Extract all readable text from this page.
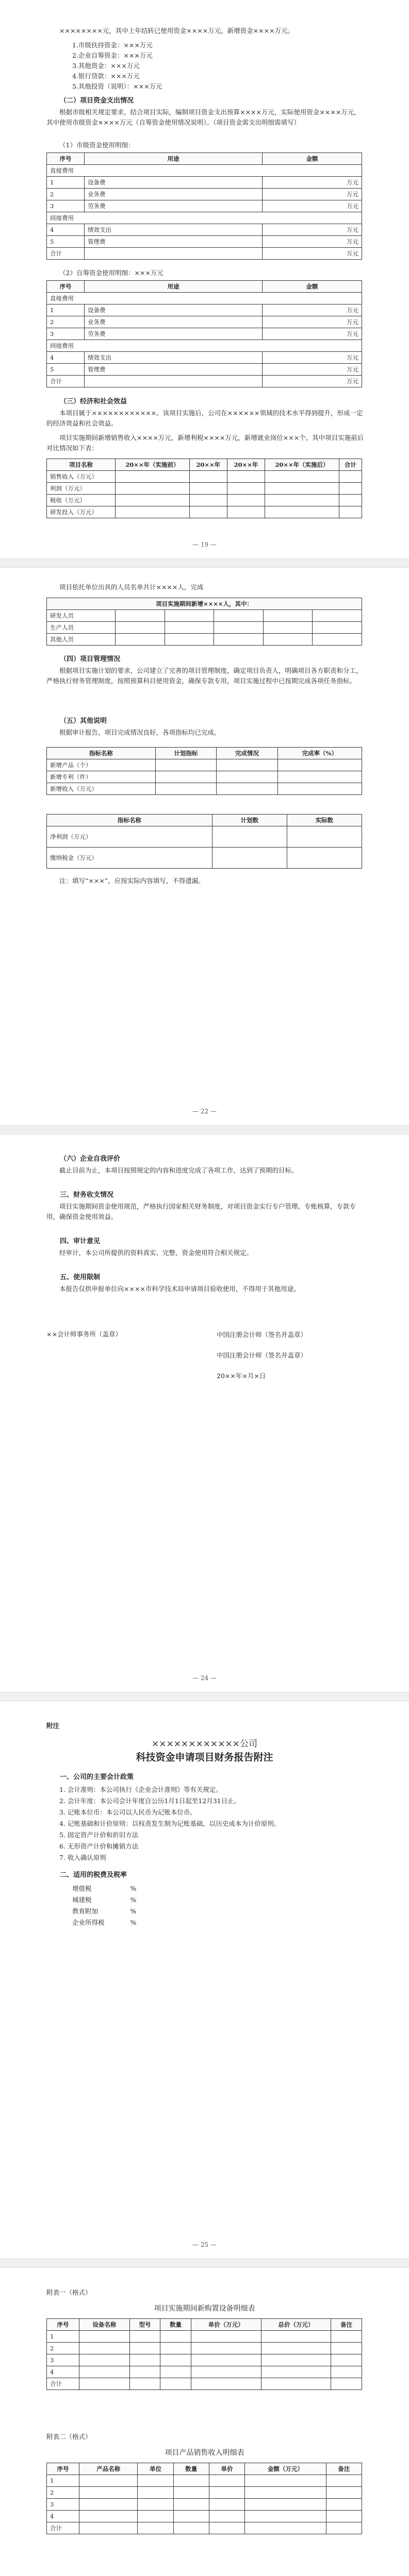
××××××××元，其中上年结转已使用资金××××万元，新增资金××××万元。
1.市级扶持资金：×××万元
2.企业自筹资金：×××万元
3.其他资金：×××万元
4.银行贷款：×××万元
5.其他投资（说明）：×××万元
（二）项目资金支出情况
根据市级相关规定要求，结合项目实际，编制项目资金支出预算××××万元，实际使用资金××××万元，其中使用市级资金××××万元（自筹资金使用情况说明）。（项目资金需支出明细需填写）
（1）市级资金使用明细：
序号	用途	金额
直接费用		
1	设备费	万元
2	业务费	万元
3	劳务费	万元
间接费用		
4	绩效支出	万元
5	管理费	万元
合计		万元
（2）自筹资金使用明细：×××万元
序号	用途	金额
直接费用		
1	设备费	万元
2	业务费	万元
3	劳务费	万元
间接费用		
4	绩效支出	万元
5	管理费	万元
合计		万元
（三）经济和社会效益
本项目属于××××××××××××。该项目实施后，公司在××××××领域的技术水平得到提升，形成一定的经济效益和社会效益。
项目实施期间新增销售收入××××万元，新增利税××××万元，新增就业岗位×××个。其中项目实施前后对比情况如下表：
项目名称	20××年（实施前）	20××年	20××年	20××年（实施后）	合计
销售收入（万元）					
利润（万元）					
税收（万元）					
研发投入（万元）					
— 19 —
项目依托单位出具的人员名单共计××××人，完成
项目实施期间新增××××人，其中：					
研发人员					
生产人员					
其他人员					
（四）项目管理情况
根据项目实施计划的要求，公司建立了完善的项目管理制度，确定项目负责人，明确项目各方职责和分工，严格执行财务管理制度，按照预算科目使用资金，确保专款专用，项目实施过程中已按期完成各项任务指标。
（五）其他说明
根据审计报告，项目完成情况良好，各项指标均已完成。
指标名称	计划指标	完成情况	完成率（%）
新增产品（个）			
新增专利（件）			
新增收入（万元）			
指标名称	计划数	实际数
净利润（万元）		
缴纳税金（万元）		
注：填写“×××”，应按实际内容填写，不得遗漏。
— 22 —
（六）企业自我评价
截止目前为止，本项目按照规定的内容和进度完成了各项工作，达到了预期的目标。
三、财务收支情况
项目实施期间资金使用规范，严格执行国家相关财务制度，对项目资金实行专户管理、专账核算，专款专用，确保资金使用效益。
四、审计意见
经审计，本公司所提供的资料真实、完整，资金使用符合相关规定。
五、使用限制
本报告仅供申报单位向××××市科学技术局申请项目验收使用，不得用于其他用途。
××会计师事务所（盖章）	中国注册会计师（签名并盖章）
中国注册会计师（签名并盖章）
20××年×月×日
— 24 —
附注
××××××××××××公司
科技资金申请项目财务报告附注
一、公司的主要会计政策
1. 会计准则：本公司执行《企业会计准则》等有关规定。
2. 会计年度：本公司会计年度自公历1月1日起至12月31日止。
3. 记账本位币：本公司以人民币为记账本位币。
4. 记账基础和计价原则：以权责发生制为记账基础，以历史成本为计价原则。
5. 固定资产计价和折旧方法
6. 无形资产计价和摊销方法
7. 收入确认原则
二、适用的税费及税率
增值税　　　　　　	%
城建税　　　　　　	%
教育附加　　　　　	%
企业所得税　　　　	%
— 25 —
附表一（格式）
项目实施期间新购置设备明细表
序号	设备名称	型号	数量	单价（万元）	总价（万元）	备注
1						
2						
3						
4						
合计						
附表二（格式）
项目产品销售收入明细表
序号	产品名称	单位	数量	单价	金额（万元）	备注
1						
2						
3						
4						
合计						
